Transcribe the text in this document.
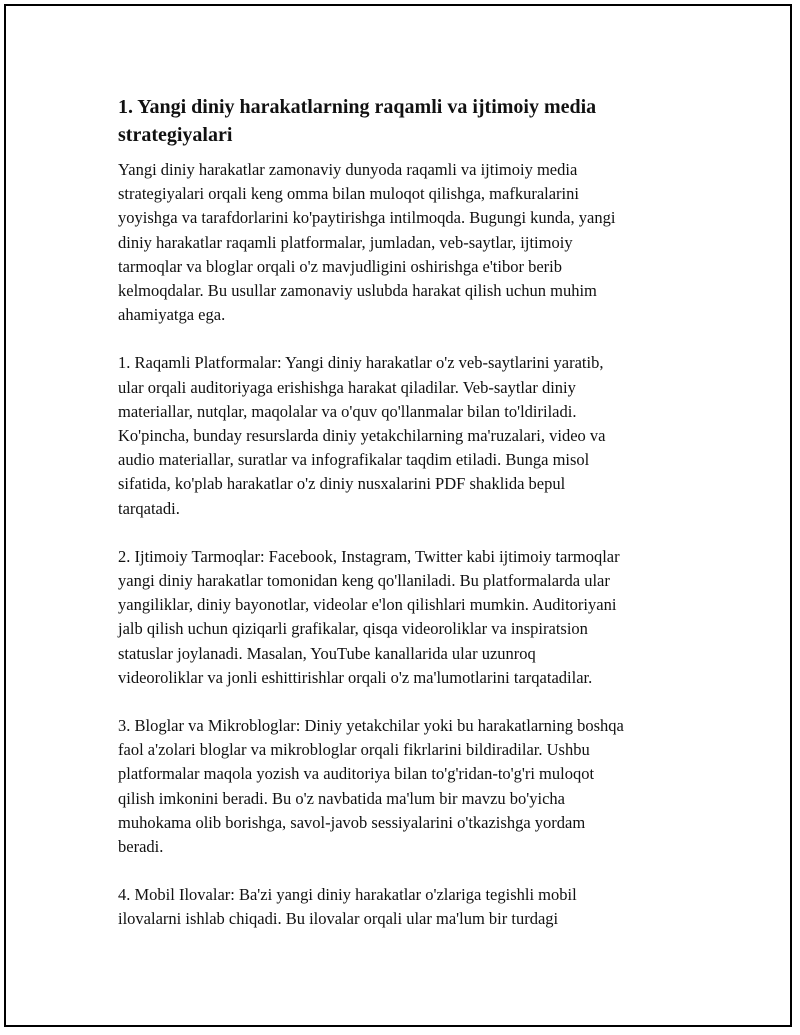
1. Yangi diniy harakatlarning raqamli va ijtimoiy media strategiyalari

Yangi diniy harakatlar zamonaviy dunyoda raqamli va ijtimoiy media
strategiyalari orqali keng omma bilan muloqot qilishga, mafkuralarini
yoyishga va tarafdorlarini ko'paytirishga intilmoqda. Bugungi kunda, yangi
diniy harakatlar raqamli platformalar, jumladan, veb-saytlar, ijtimoiy
tarmoqlar va bloglar orqali o'z mavjudligini oshirishga e'tibor berib
kelmoqdalar. Bu usullar zamonaviy uslubda harakat qilish uchun muhim
ahamiyatga ega.

1. Raqamli Platformalar: Yangi diniy harakatlar o'z veb-saytlarini yaratib,
ular orqali auditoriyaga erishishga harakat qiladilar. Veb-saytlar diniy
materiallar, nutqlar, maqolalar va o'quv qo'llanmalar bilan to'ldiriladi.
Ko'pincha, bunday resurslarda diniy yetakchilarning ma'ruzalari, video va
audio materiallar, suratlar va infografikalar taqdim etiladi. Bunga misol
sifatida, ko'plab harakatlar o'z diniy nusxalarini PDF shaklida bepul
tarqatadi.

2. Ijtimoiy Tarmoqlar: Facebook, Instagram, Twitter kabi ijtimoiy tarmoqlar
yangi diniy harakatlar tomonidan keng qo'llaniladi. Bu platformalarda ular
yangiliklar, diniy bayonotlar, videolar e'lon qilishlari mumkin. Auditoriyani
jalb qilish uchun qiziqarli grafikalar, qisqa videoroliklar va inspiratsion
statuslar joylanadi. Masalan, YouTube kanallarida ular uzunroq
videoroliklar va jonli eshittirishlar orqali o'z ma'lumotlarini tarqatadilar.

3. Bloglar va Mikrobloglar: Diniy yetakchilar yoki bu harakatlarning boshqa
faol a'zolari bloglar va mikrobloglar orqali fikrlarini bildiradilar. Ushbu
platformalar maqola yozish va auditoriya bilan to'g'ridan-to'g'ri muloqot
qilish imkonini beradi. Bu o'z navbatida ma'lum bir mavzu bo'yicha
muhokama olib borishga, savol-javob sessiyalarini o'tkazishga yordam
beradi.

4. Mobil Ilovalar: Ba'zi yangi diniy harakatlar o'zlariga tegishli mobil
ilovalarni ishlab chiqadi. Bu ilovalar orqali ular ma'lum bir turdagi
